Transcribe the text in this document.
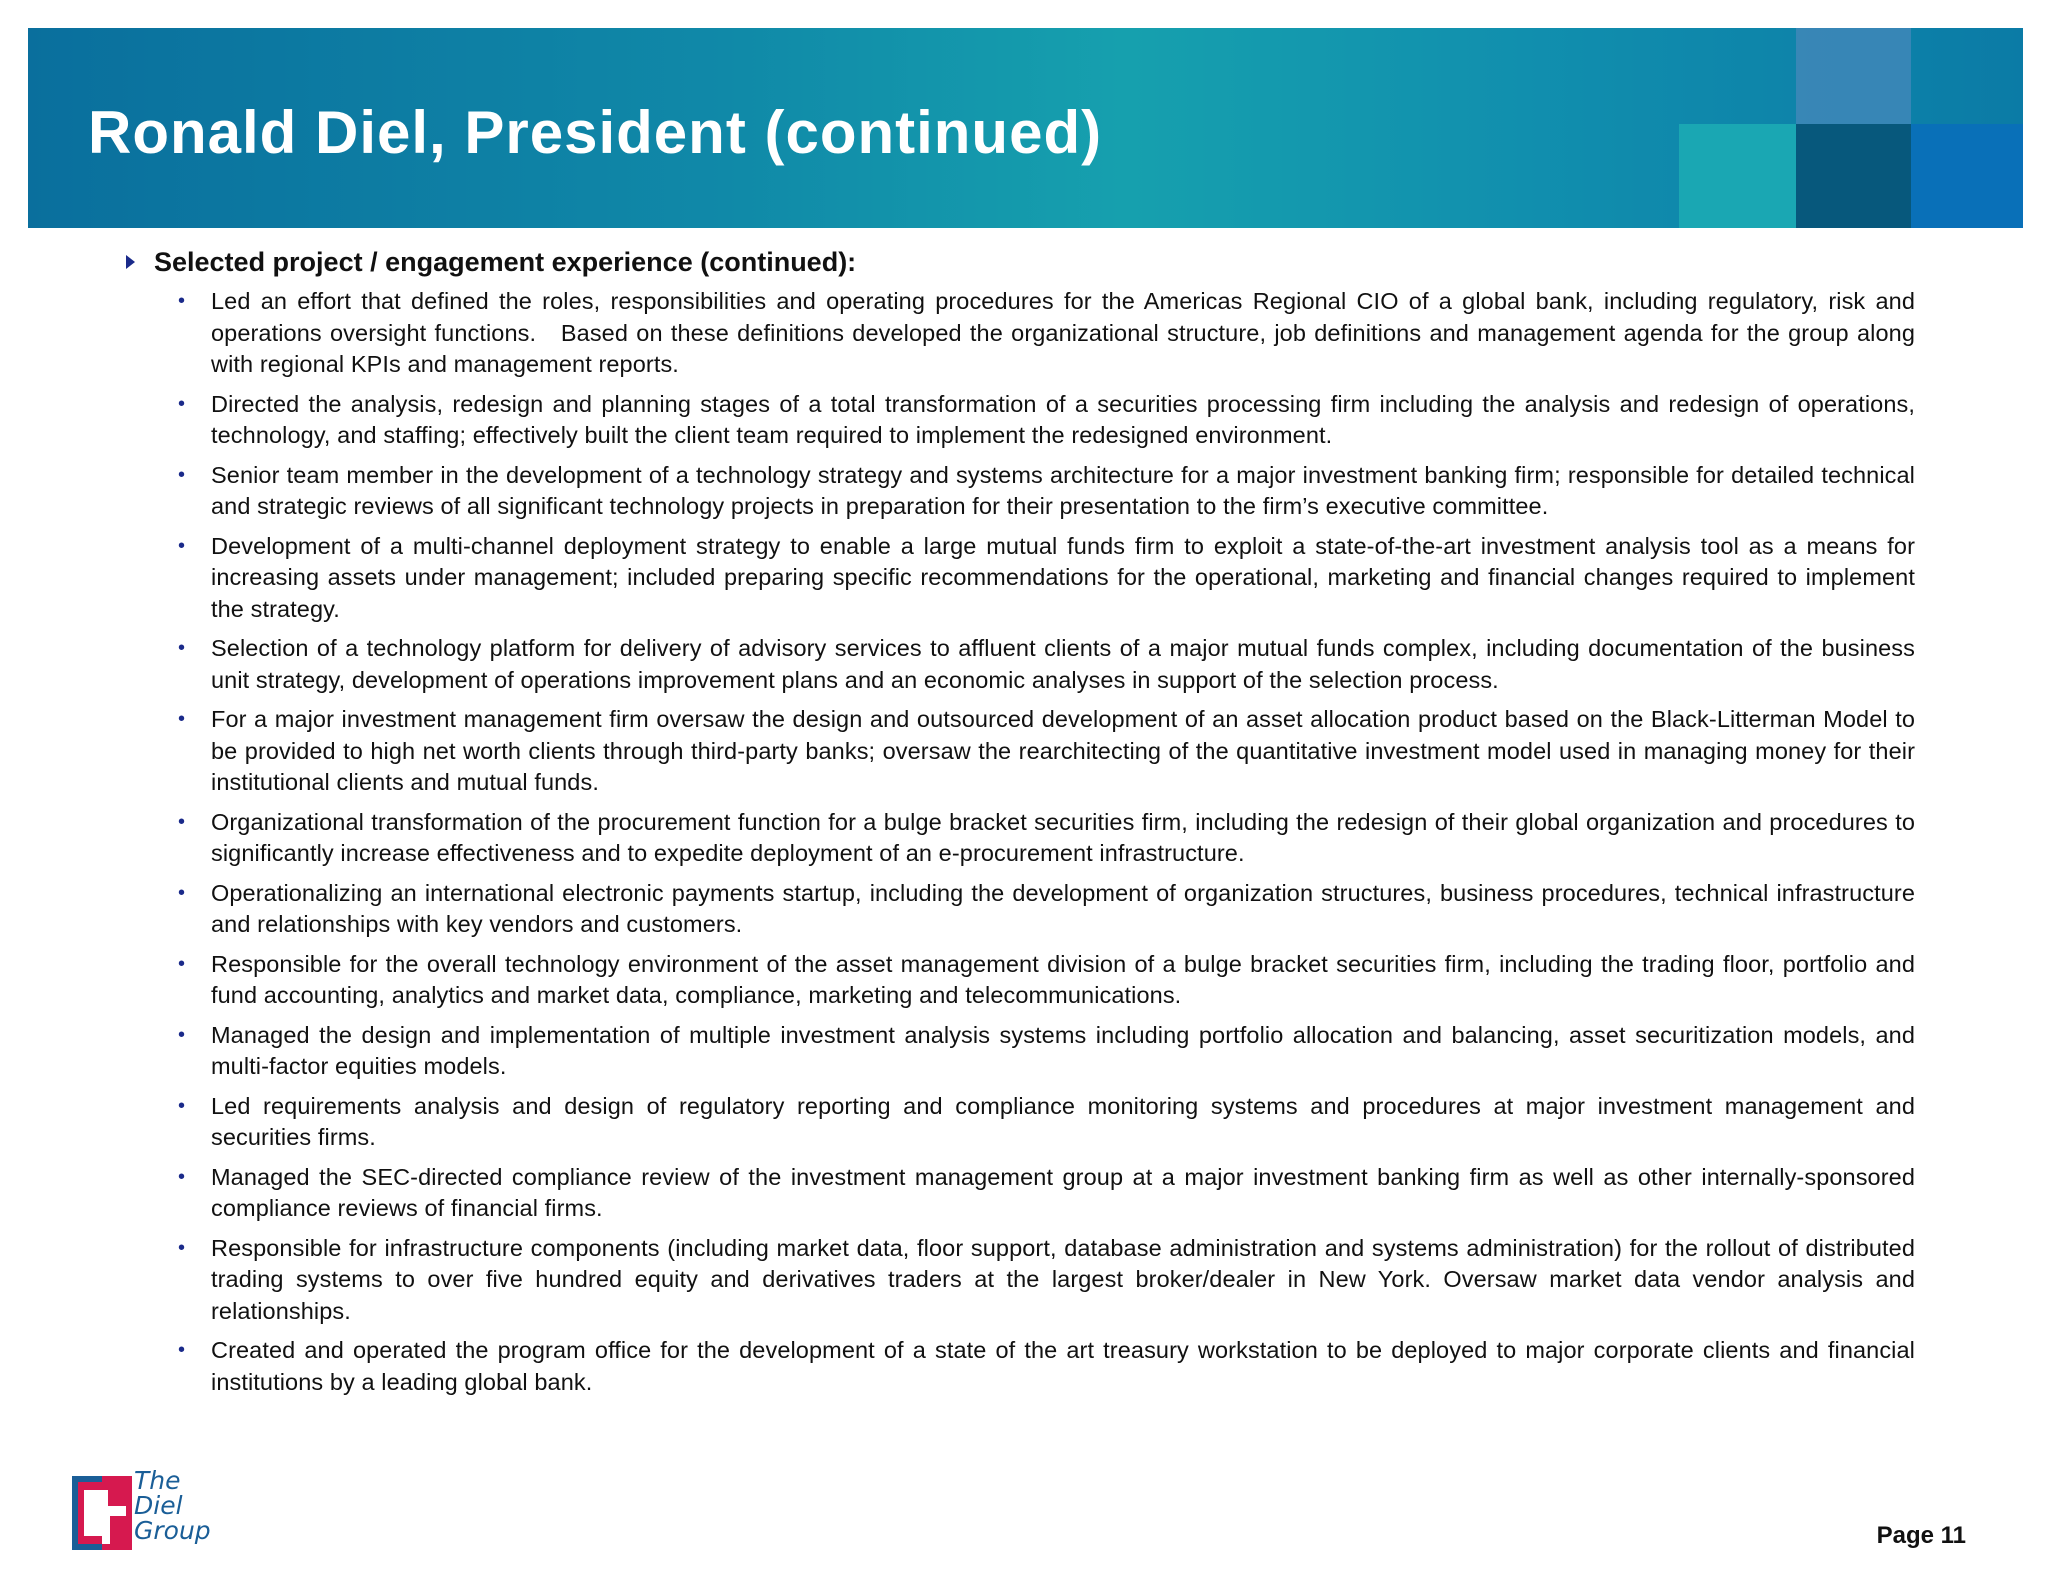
Ronald Diel, President (continued)
Selected project / engagement experience (continued):
• Led an effort that defined the roles, responsibilities and operating procedures for the Americas Regional CIO of a global bank, including regulatory, risk and operations oversight functions.   Based on these definitions developed the organizational structure, job definitions and management agenda for the group along with regional KPIs and management reports.
• Directed the analysis, redesign and planning stages of a total transformation of a securities processing firm including the analysis and redesign of operations, technology, and staffing; effectively built the client team required to implement the redesigned environment.
• Senior team member in the development of a technology strategy and systems architecture for a major investment banking firm; responsible for detailed technical and strategic reviews of all significant technology projects in preparation for their presentation to the firm’s executive committee.
• Development of a multi-channel deployment strategy to enable a large mutual funds firm to exploit a state-of-the-art investment analysis tool as a means for increasing assets under management; included preparing specific recommendations for the operational, marketing and financial changes required to implement the strategy.
• Selection of a technology platform for delivery of advisory services to affluent clients of a major mutual funds complex, including documentation of the business unit strategy, development of operations improvement plans and an economic analyses in support of the selection process.
• For a major investment management firm oversaw the design and outsourced development of an asset allocation product based on the Black-Litterman Model to be provided to high net worth clients through third-party banks; oversaw the rearchitecting of the quantitative investment model used in managing money for their institutional clients and mutual funds.
• Organizational transformation of the procurement function for a bulge bracket securities firm, including the redesign of their global organization and procedures to significantly increase effectiveness and to expedite deployment of an e-procurement infrastructure.
• Operationalizing an international electronic payments startup, including the development of organization structures, business procedures, technical infrastructure and relationships with key vendors and customers.
• Responsible for the overall technology environment of the asset management division of a bulge bracket securities firm, including the trading floor, portfolio and fund accounting, analytics and market data, compliance, marketing and telecommunications.
• Managed the design and implementation of multiple investment analysis systems including portfolio allocation and balancing, asset securitization models, and multi-factor equities models.
• Led requirements analysis and design of regulatory reporting and compliance monitoring systems and procedures at major investment management and securities firms.
• Managed the SEC-directed compliance review of the investment management group at a major investment banking firm as well as other internally-sponsored compliance reviews of financial firms.
• Responsible for infrastructure components (including market data, floor support, database administration and systems administration) for the rollout of distributed trading systems to over five hundred equity and derivatives traders at the largest broker/dealer in New York. Oversaw market data vendor analysis and relationships.
• Created and operated the program office for the development of a state of the art treasury workstation to be deployed to major corporate clients and financial institutions by a leading global bank.
The
Diel
Group	Page 11
